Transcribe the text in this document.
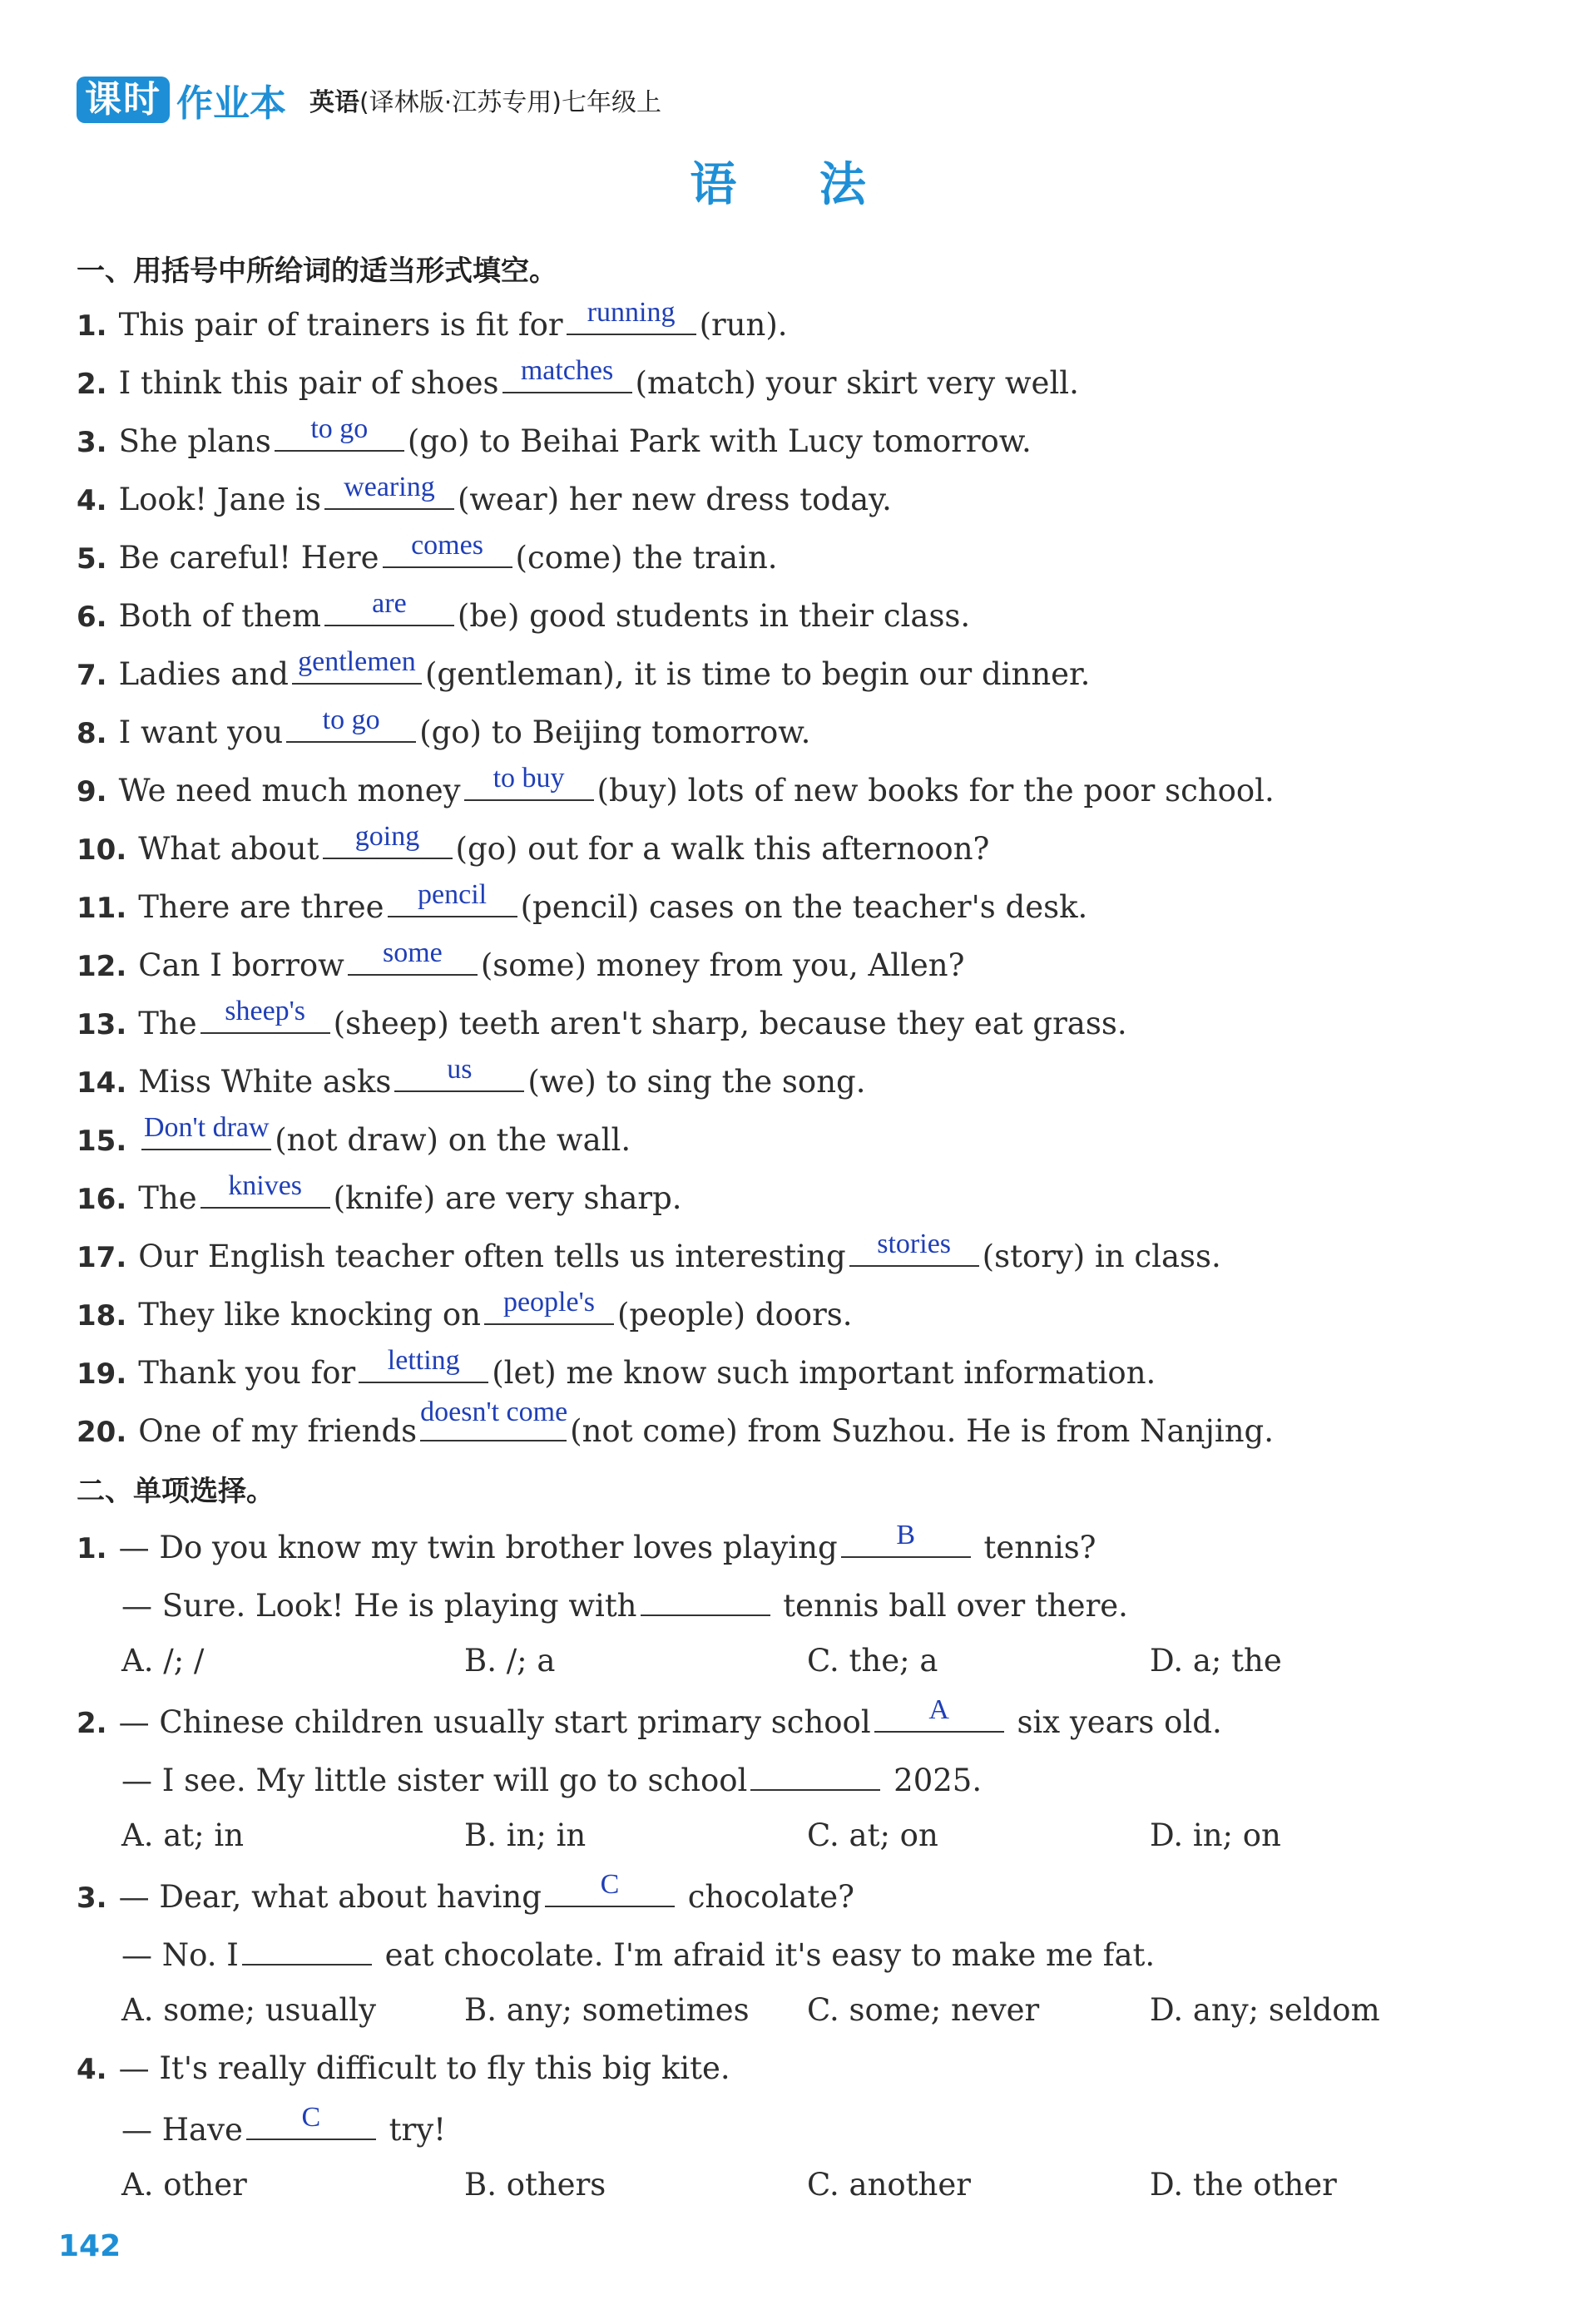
课时 作业本 英语(译林版·江苏专用)七年级上
语 法
一、用括号中所给词的适当形式填空。
1. This pair of trainers is fit for running (run).
2. I think this pair of shoes matches (match) your skirt very well.
3. She plans	to go	(go) to Beihai Park with Lucy tomorrow.
4. Look! Jane is wearing (wear) her new dress today.
5. Be careful! Here	comes	(come) the train.
6. Both of them	are	(be) good students in their class.
7. Ladies and gentlemen (gentleman), it is time to begin our dinner.
8. I want you	to go	(go) to Beijing tomorrow.
9. We need much money	to buy	(buy) lots of new books for the poor school.
10. What about	going	(go) out for a walk this afternoon?
11. There are three	pencil	(pencil) cases on the teacher's desk.
12. Can I borrow	some	(some) money from you, Allen?
13. The sheep's (sheep) teeth aren't sharp, because they eat grass.
14. Miss White asks	us	(we) to sing the song.
15. Don't draw (not draw) on the wall.
16. The	knives	(knife) are very sharp.
17. Our English teacher often tells us interesting	stories	(story) in class.
18. They like knocking on people's (people) doors.
19. Thank you for	letting	(let) me know such important information.
20. One of my friends
doesn't come
(not come) from Suzhou. He is from Nanjing.
二、单项选择。
1. — Do you know my twin brother loves playing	B	tennis?
— Sure. Look! He is playing with	tennis ball over there.
A. /; /	B. /; a	C. the; a	D. a; the
2. — Chinese children usually start primary school	A	six years old.
— I see. My little sister will go to school	2025.
A. at; in	B. in; in	C. at; on	D. in; on
3. — Dear, what about having	C	chocolate?
— No. I	eat chocolate. I'm afraid it's easy to make me fat.
A. some; usually	B. any; sometimes C. some; never	D. any; seldom
4. — It's really difficult to fly this big kite.
— Have	C	try!
A. other	B. others	C. another	D. the other
142
